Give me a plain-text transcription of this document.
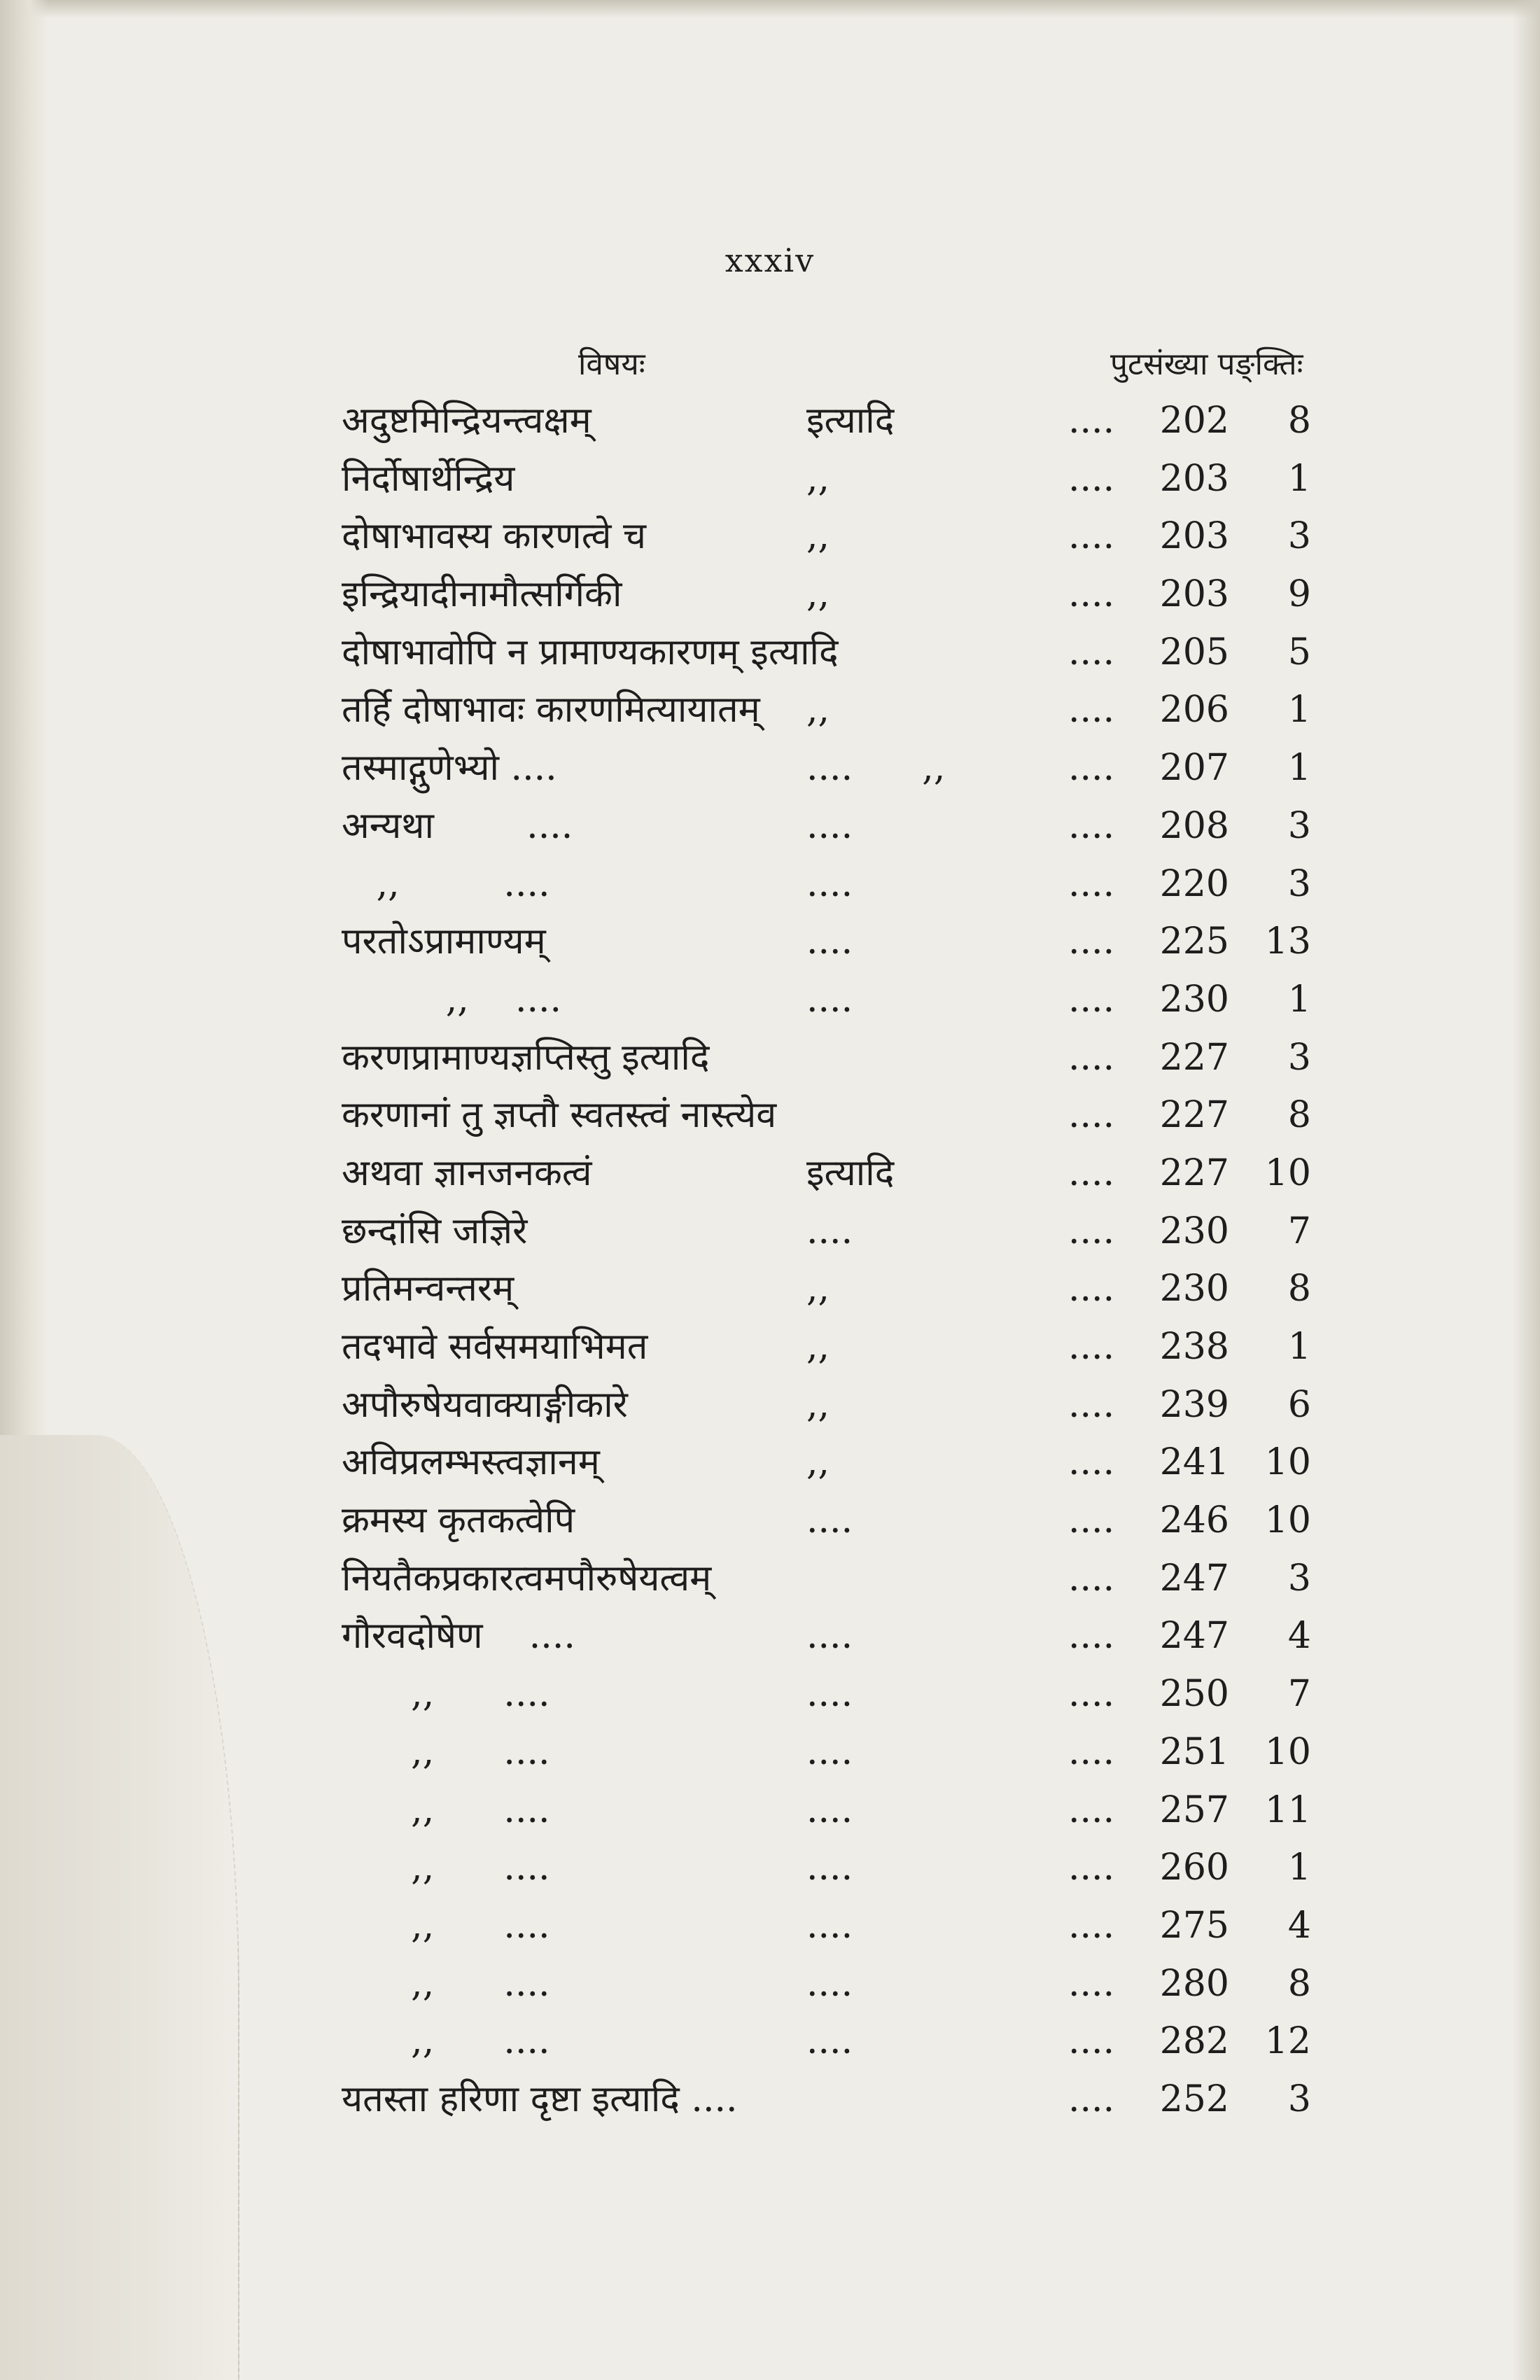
xxxiv
विषयः	पुटसंख्या पङ्क्तिः
अदुष्टमिन्द्रियन्त्वक्षम्	इत्यादि	.... 202	8
निर्दोषार्थेन्द्रिय	,,	.... 203	1
दोषाभावस्य कारणत्वे च	,,	.... 203	3
इन्द्रियादीनामौत्सर्गिकी	,,	.... 203	9
दोषाभावोपि न प्रामाण्यकारणम् इत्यादि	.... 205	5
तर्हि दोषाभावः कारणमित्यायातम् ,,	.... 206	1
तस्माद्गुणेभ्यो ....	....      ,,	.... 207	1
अन्यथा        ....	....	.... 208	3
,,         ....	....	.... 220	3
परतोऽप्रामाण्यम्	....	.... 225 13
,,    ....	....	.... 230	1
करणप्रामाण्यज्ञप्तिस्तु इत्यादि	.... 227	3
करणानां तु ज्ञप्तौ स्वतस्त्वं नास्त्येव	.... 227	8
अथवा ज्ञानजनकत्वं	इत्यादि	.... 227 10
छन्दांसि जज्ञिरे	....	.... 230	7
प्रतिमन्वन्तरम्	,,	.... 230	8
तदभावे सर्वसमयाभिमत	,,	.... 238	1
अपौरुषेयवाक्याङ्गीकारे	,,	.... 239	6
अविप्रलम्भस्त्वज्ञानम्	,,	.... 241 10
क्रमस्य कृतकत्वेपि	....	.... 246 10
नियतैकप्रकारत्वमपौरुषेयत्वम्	.... 247	3
गौरवदोषेण    ....	....	.... 247	4
,,      ....	....	.... 250	7
,,      ....	....	.... 251 10
,,      ....	....	.... 257 11
,,      ....	....	.... 260	1
,,      ....	....	.... 275	4
,,      ....	....	.... 280	8
,,      ....	....	.... 282 12
यतस्ता हरिणा दृष्टा इत्यादि ....	.... 252	3
